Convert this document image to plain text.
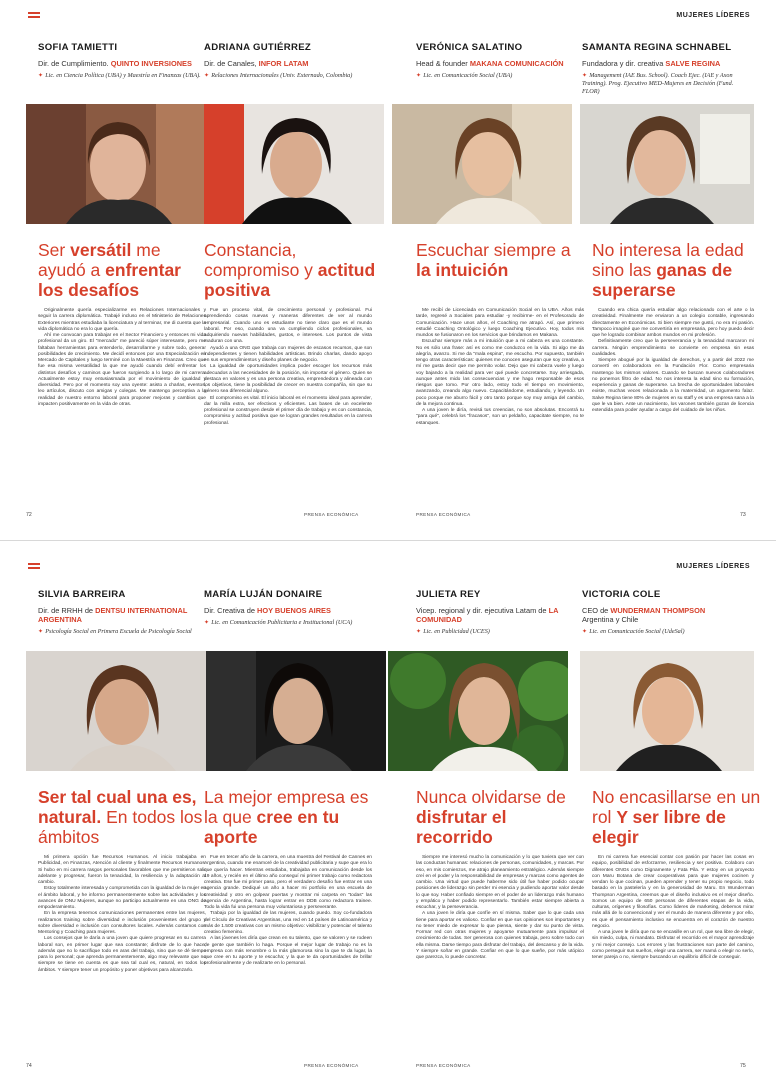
MUJERES LÍDERES
SOFIA TAMIETTI
Dir. de Cumplimiento. QUINTO INVERSIONES
✦ Lic. en Ciencia Política (UBA) y Maestría en Finanzas (UBA).
Ser versátil me ayudó a enfrentar los desafíos

Originalmente quería especializarme en Relaciones Internacionales y seguir la carrera diplomática. Trabajé incluso en el Ministerio de Relaciones Exteriores mientras estudiaba la licenciatura y al terminar, me di cuenta que la vida diplomática no era lo que quería.

Ahí me convocan para trabajar en el Sector Financiero y entonces mi vida profesional da un giro. El "mercado" me pareció súper interesante, pero me faltaban herramientas para entenderlo, desarrollarme y sobre todo, generar posibilidades de crecimiento. Me decidí entonces por una Especialización en Mercado de Capitales y luego terminé con la Maestría en Finanzas. Creo que fue esa misma versatilidad la que me ayudó cuando debí enfrentar los distintos desafíos y caminos que fueron surgiendo a lo largo de mi carrera. Actualmente estoy muy entusiasmada por el movimiento de igualdad y diversidad. Pero por el momento soy una oyente: asisto a charlas, eventos, leo artículos, discuto con amigas y colegas. Me mantengo perceptiva a la realidad de nuestro entorno laboral para proponer mejoras y cambios que impacten positivamente en la vida de otras.

ADRIANA GUTIÉRREZ
Dir. de Canales, INFOR LATAM
✦ Relaciones Internacionales (Univ. Externado, Colombia)
Constancia, compromiso y actitud positiva

Fue un proceso vital, de crecimiento personal y profesional. Fui aprendiendo cosas nuevas y maneras diferentes de ver al mundo empresarial. Cuando uno es estudiante no tiene claro que es el mundo laboral. Por eso, cuando una va cumpliendo ciclos profesionales, va adquiriendo nuevas habilidades, gustos, e intereses. Los puntos de vista maduran con una.

Ayudó a una ONG que trabaja con mujeres de escasos recursos, que son independientes y tienen habilidades artísticas. Brindo charlas, dando apoyo en sus emprendimientos y diseño planes de negocio.

La igualdad de oportunidades implica poder escoger los recursos más adecuados a las necesidades de la posición, sin importar el género. Quien se destaca en valores y es una persona creativa, emprendedora y alineada con los objetivos, tiene la posibilidad de crecer en nuestra compañía, sin que su género sea diferencial alguno.

El compromiso es vital. El inicio laboral es el momento ideal para aprender, dar la milla extra, ser efectivos y eficientes. Las bases de un excelente profesional se construyen desde el primer día de trabajo y es con constancia, compromiso y actitud positiva que se logran grandes resultados en la carrera profesional.

VERÓNICA SALATINO
Head & founder MAKANA COMUNICACIÓN
✦ Lic. en Comunicación Social (UBA)
Escuchar siempre a la intuición

Me recibí de Licenciada en Comunicación Social en la UBA. Años más tarde, regresé a Sociales para estudiar -y recibirme- en el Profesorado de Comunicación. Hace unos años, el Coaching me atrapó. Así, que primero estudié Coaching Ontológico y luego Coaching Ejecutivo. Hoy, todos mis mundos se fusionaron en los servicios que brindamos en Makana.

Escuchar siempre más a mi intuición que a mi cabeza es una constante. No es sólo una frase: así es como me conduzco en la vida. Si algo me da alegría, avanzo. Si me da "mala espina", me escucho. Por supuesto, también tengo otras características: quienes me conocen aseguran que soy creativa, a mí me gusta decir que me permito volar. Dejo que mi cabeza vuele y luego voy bajando a la realidad para ver qué puede concretarse. Soy arriesgada, aunque antes mido las consecuencias y me hago responsable de esos riesgos que tomo. Por otro lado, estoy todo el tiempo en movimiento, avanzando, creando algo nuevo. Capacitándome, estudiando, y leyendo. Un poco porque me aburro fácil y otro tanto porque soy muy amiga del cambio, de la mejora continua.

A una joven le diría, revisá tus creencias, no son absolutas. Encontrá tu "para qué", celebrá los "fracasos", son un peldaño, capacitate siempre, no te estanques.

SAMANTA REGINA SCHNABEL
Fundadora y dir. creativa SALVE REGINA
✦ Management (IAE Bus. School). Coach Ejec. (IAE y Axon Training). Prog. Ejecutivo MED-Mujeres en Decisión (Fund. FLOR)
No interesa la edad sino las ganas de superarse

Cuando era chica quería estudiar algo relacionado con el arte o la creatividad. Finalmente me enviaron a un colegio contable, ingresando directamente en Económicas. Si bien siempre me gustó, no era mi pasión. Tampoco imaginé que me convertiría en empresaria, pero hoy puedo decir que he logrado combinar ambos mundos en mi profesión.

Definitivamente creo que la perseverancia y la tenacidad marcaron mi carrera. Ningún emprendimiento se convierte en empresa sin esas cualidades.

Siempre abogué por la igualdad de derechos, y a partir del 2022 me convertí en colaboradora en la Fundación Flor. Como empresaria mantengo los mismos valores. Cuando se buscan nuevos colaboradores no ponemos filtro de edad. No nos interesa la edad sino su formación, experiencia y ganas de superarse. La brecha de oportunidades laborales existe, muchas veces relacionada a la maternidad, un argumento falaz. Salve Regina tiene 80% de mujeres en su staff y es una empresa sana a la que le va bien. Ante un nacimiento, los varones también gozan de licencia extendida para poder ayudar a cargo del cuidado de los niños.

72	PRENSA ECONÓMICA	PRENSA ECONÓMICA	73
MUJERES LÍDERES
SILVIA BARREIRA
Dir. de RRHH de DENTSU INTERNATIONAL ARGENTINA
✦ Psicología Social en Primera Escuela de Psicología Social
Ser tal cual una es, natural. En todos los ámbitos

Mi primera opción fue Recursos Humanos. Al inicio trabajaba en Publicidad, en Finanzas, Atención al cliente y finalmente Recursos Humanos. Si hubo en mi carrera rasgos personales favorables que me permitieron salir adelante y progresar, fueron la tenacidad, la resiliencia y la adaptación al cambio.

Estoy totalmente interesada y comprometida con la igualdad de la mujer en el ámbito laboral, y he informo permanentemente sobre las actividades y los avances de ONU Mujeres, aunque no participo actualmente en una ONG de empoderamiento.

En la empresa tenemos comunicaciones permanentes entre las mujeres, realizamos training sobre diversidad e inclusión provenientes del grupo y sobre diversidad e inclusión con consultores locales. Además contamos con Mentoring y Coaching para mujeres.

Los consejos que le daría a una joven que quiere progresar en su carrera laboral son, en primer lugar que sea constante; disfrute de lo que hace; además que no lo sacrifique todo en aras del trabajo, sino que se dé tiempo para lo personal; que aprenda permanentemente, algo muy relevante que no siempre se tiene en cuenta es que sea tal cual es, natural, en todos los ámbitos. Y siempre tener un propósito y poner objetivos para alcanzarlo.

MARÍA LUJÁN DONAIRE
Dir. Creativa de HOY BUENOS AIRES
✦ Lic. en Comunicación Publicitaria e Institucional (UCA)
La mejor empresa es la que cree en tu aporte

Fue en tercer año de la carrera, en una muestra del Festival de Cannes en Argentina, cuando me enamoré de la creatividad publicitaria y supe que era lo que quería hacer. Mientras estudiaba, trabajaba en comunicación desde los 19 años, y recién en el último año conseguí mi primer trabajo como redactora creativa. Ese fue mi primer paso, pero el verdadero desafío fue entrar en una agencia grande. Dediqué un año a hacer mi portfolio en una escuela de creatividad y otro en golpear puertas y mostrar mi carpeta en "todas" las agencia de Argentina, hasta lograr entrar en DDB como redactora trainee. Todo la vida fui una persona muy voluntariosa y perseverante.

Trabajo por la igualdad de las mujeres, cuando puedo. Soy co-fundadora del Círculo de Creativas Argentinas, una red en 14 países de Latinoamérica y más de 1.500 creativas con un mismo objetivo: visibilizar y potenciar el talento creativo femenino.

A las jóvenes les diría que crean en su talento, que se valoren y se rodeen de gente que también lo haga. Porque el mejor lugar de trabajo no es la empresa con más renombre o la más glamorosa sino la que te da lugar, la que cree en tu aporte y te escucha; y la que te da oportunidades de brillar profesionalmente y de realizarte en lo personal.

JULIETA REY
Vicep. regional y dir. ejecutiva Latam de LA COMUNIDAD
✦ Lic. en Publicidad (UCES)
Nunca olvidarse de disfrutar el recorrido

Siempre me interesó mucho la comunicación y lo que tuviera que ver con las conductas humanas: relaciones de personas, comunidades, y marcas. Por eso, en mis comienzos, me atrajo planeamiento estratégico. Además siempre creí en el poder y la responsabilidad de empresas y marcas como agentes de cambio. Una virtud que puede haberme sido útil fue haber podido ocupar posiciones de liderazgo sin perder mi esencia y pudiendo aportar valor desde lo que soy. Haber confiado siempre en el poder de un liderazgo más humano y empático y haber podido representarlo. También estar siempre abierta a escuchar, y la perseverancia.

A una joven le diría que confíe en sí misma. Saber que lo que cada una tiene para aportar es valioso. Confiar en que sus opiniones son importantes y no tener miedo de expresar lo que piensa, siente y dar su punto de vista. Formar red con otras mujeres y apoyarse mutuamente para impulsar el crecimiento de todas. Ser generosa con quienes trabaja, pero sobre todo con ella misma. Darse tiempo para disfrutar del trabajo, del descanso y de la vida. Y siempre soñar en grande. Confiar en que lo que sueñe, por más utópico que parezca, lo puede concretar.

VICTORIA COLE
CEO de WUNDERMAN THOMPSON
Argentina y Chile
✦ Lic. en Comunicación Social (UdeSal)
No encasillarse en un rol Y ser libre de elegir

En mi carrera fue esencial contar con pasión por hacer las cosas en equipo, posibilidad de esforzarme, resiliencia y ser positiva. Colaboro con diferentes ONGs como Dignamente y Fata Pila. Y estoy en un proyecto con Maru Botana de crear cooperativas para que mujeres cocinen y vendan lo que cocinan, pueden aprender y tener su propio negocio, todo basado en la pastelería y en la generosidad de Maru. En Wunderman Thompson Argentina, creemos que el diseño inclusivo es el mejor diseño. Somos un equipo de 650 personas de diferentes etapas de la vida, culturas, orígenes y filosofías. Como líderes de marketing, debemos mirar más allá de lo convencional y ver el mundo de manera diferente y por ello, es que el pensamiento inclusivo se encuentra en el corazón de nuestro negocio.

A una joven le diría que no se encasille en un rol, que sea libre de elegir, sin miedo, culpa, ni mandato. Disfrutar el recorrido es el mayor aprendizaje y mi mejor consejo. Los errores y las frustraciones son parte del camino, como perseguir sus sueños, elegir una carrera, ser mamá o elegir no serlo, tener pareja o no, siempre buscando un equilibrio difícil de conseguir.

74	PRENSA ECONÓMICA	PRENSA ECONÓMICA	75
